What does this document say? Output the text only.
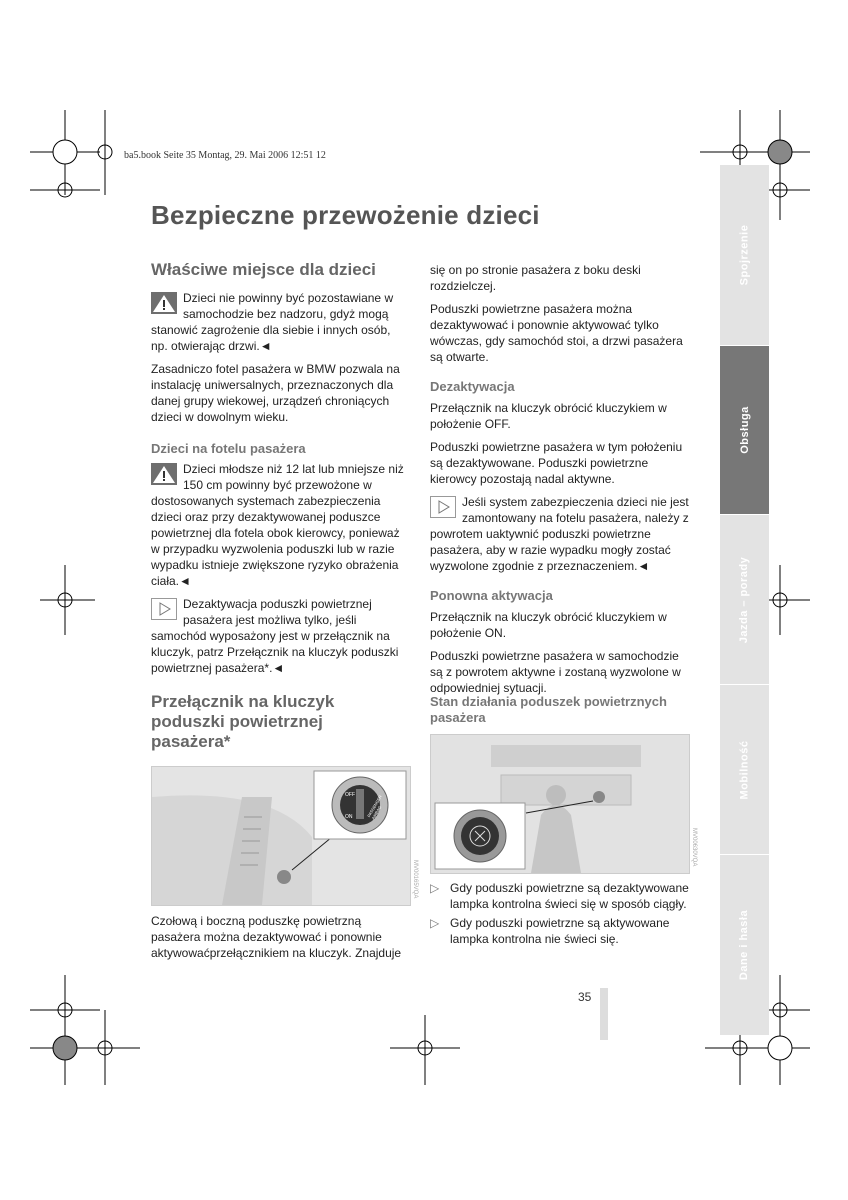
ba5.book Seite 35 Montag, 29. Mai 2006 12:51 12
Bezpieczne przewożenie dzieci
Właściwe miejsce dla dzieci

Dzieci nie powinny być pozostawiane w samochodzie bez nadzoru, gdyż mogą stanowić zagrożenie dla siebie i innych osób, np. otwierając drzwi.◄

Zasadniczo fotel pasażera w BMW pozwala na instalację uniwersalnych, przeznaczonych dla danej grupy wiekowej, urządzeń chroniących dzieci w dowolnym wieku.

Dzieci na fotelu pasażera

Dzieci młodsze niż 12 lat lub mniejsze niż 150 cm powinny być przewożone w dostosowanych systemach zabezpieczenia dzieci oraz przy dezaktywowanej poduszce powietrznej dla fotela obok kierowcy, ponieważ w przypadku wyzwolenia poduszki lub w razie wypadku istnieje zwiększone ryzyko obrażenia ciała.◄

Dezaktywacja poduszki powietrznej pasażera jest możliwa tylko, jeśli samochód wyposażony jest w przełącznik na kluczyk, patrz Przełącznik na kluczyk poduszki powietrznej pasażera*.◄

Przełącznik na kluczyk poduszki powietrznej pasażera*
MV00165VQA
OFF
ON	PASSENGER AIRBAG
Czołową i boczną poduszkę powietrzną pasażera można dezaktywować i ponownie aktywowaćprzełącznikiem na kluczyk. Znajduje

się on po stronie pasażera z boku deski rozdzielczej.

Poduszki powietrzne pasażera można dezaktywować i ponownie aktywować tylko wówczas, gdy samochód stoi, a drzwi pasażera są otwarte.

Dezaktywacja

Przełącznik na kluczyk obrócić kluczykiem w położenie OFF.

Poduszki powietrzne pasażera w tym położeniu są dezaktywowane. Poduszki powietrzne kierowcy pozostają nadal aktywne.

Jeśli system zabezpieczenia dzieci nie jest zamontowany na fotelu pasażera, należy z powrotem uaktywnić poduszki powietrzne pasażera, aby w razie wypadku mogły zostać wyzwolone zgodnie z przeznaczeniem.◄

Ponowna aktywacja

Przełącznik na kluczyk obrócić kluczykiem w położenie ON.

Poduszki powietrzne pasażera w samochodzie są z powrotem aktywne i zostaną wyzwolone w odpowiedniej sytuacji.

Stan działania poduszek powietrznych pasażera
MV00630VQA
▷ Gdy poduszki powietrzne są dezaktywowane lampka kontrolna świeci się w sposób ciągły.
▷ Gdy poduszki powietrzne są aktywowane lampka kontrolna nie świeci się.
35
Spojrzenie
Obsługa
Jazda – porady
Mobilność
Dane i hasła
